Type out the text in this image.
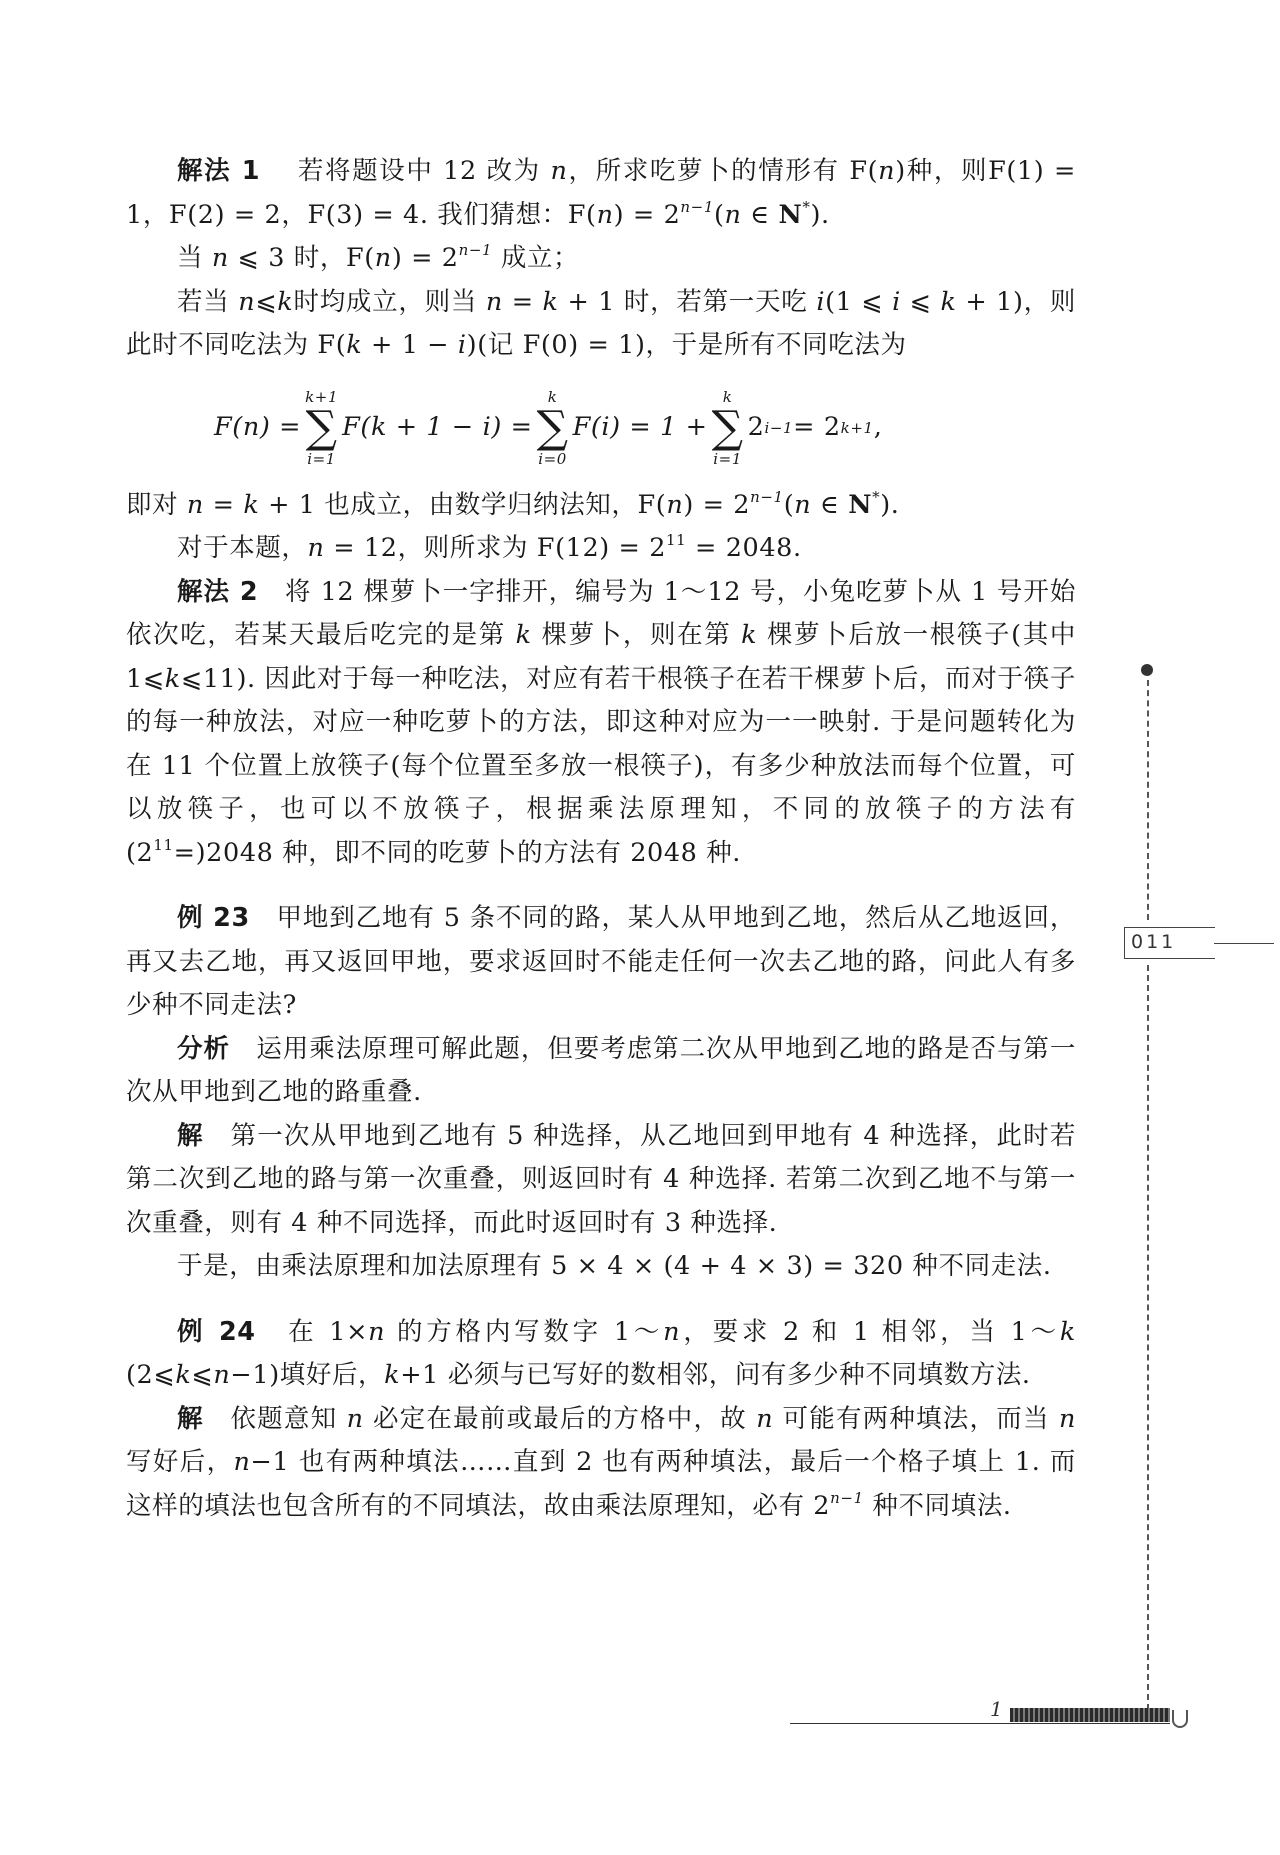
解法 1　 若将题设中 12 改为 n，所求吃萝卜的情形有 F(n)种，则F(1) = 1，F(2) = 2，F(3) = 4. 我们猜想：$F(n) = 2^{n-1}(n$ ∈ N*).

当 n ⩽ 3 时，$F(n) = 2^{n-1}$ 成立；

若当 n⩽k时均成立，则当 n = k + 1 时，若第一天吃 i(1 ⩽ i ⩽ k + 1)，则此时不同吃法为 F(k + 1 − i)(记 F(0) = 1)，于是所有不同吃法为

F(n) =
k+1
∑
i=1
F(k + 1 − i) =
k
∑
i=0
F(i) = 1 +
k
∑
i=1
2 i−1 = 2 k+1 ,

即对 n = k + 1 也成立，由数学归纳法知，$F(n) = 2^{n-1}(n$ ∈ N*).

对于本题，n = 12，则所求为 $F(12) = 2^{11} = 2048$.

解法 2　 将 12 棵萝卜一字排开，编号为 1～12 号，小兔吃萝卜从 1 号开始依次吃，若某天最后吃完的是第 k 棵萝卜，则在第 k 棵萝卜后放一根筷子(其中 1⩽k⩽11). 因此对于每一种吃法，对应有若干根筷子在若干棵萝卜后，而对于筷子的每一种放法，对应一种吃萝卜的方法，即这种对应为一一映射. 于是问题转化为在 11 个位置上放筷子(每个位置至多放一根筷子)，有多少种放法而每个位置，可以放筷子，也可以不放筷子，根据乘法原理知，不同的放筷子的方法有$(2^{11}=)2048$ 种，即不同的吃萝卜的方法有 2048 种.

例 23　 甲地到乙地有 5 条不同的路，某人从甲地到乙地，然后从乙地返回，再又去乙地，再又返回甲地，要求返回时不能走任何一次去乙地的路，问此人有多少种不同走法?

分析　 运用乘法原理可解此题，但要考虑第二次从甲地到乙地的路是否与第一次从甲地到乙地的路重叠.

解　 第一次从甲地到乙地有 5 种选择，从乙地回到甲地有 4 种选择，此时若第二次到乙地的路与第一次重叠，则返回时有 4 种选择. 若第二次到乙地不与第一次重叠，则有 4 种不同选择，而此时返回时有 3 种选择.

于是，由乘法原理和加法原理有 5 × 4 × (4 + 4 × 3) = 320 种不同走法.

例 24　 在 1×n 的方格内写数字 1～n，要求 2 和 1 相邻，当 1～k (2⩽k⩽n−1)填好后，k+1 必须与已写好的数相邻，问有多少种不同填数方法.

解　 依题意知 n 必定在最前或最后的方格中，故 n 可能有两种填法，而当 n 写好后，n−1 也有两种填法……直到 2 也有两种填法，最后一个格子填上 1. 而这样的填法也包含所有的不同填法，故由乘法原理知，必有 $2^{n-1}$ 种不同填法.

011
1
